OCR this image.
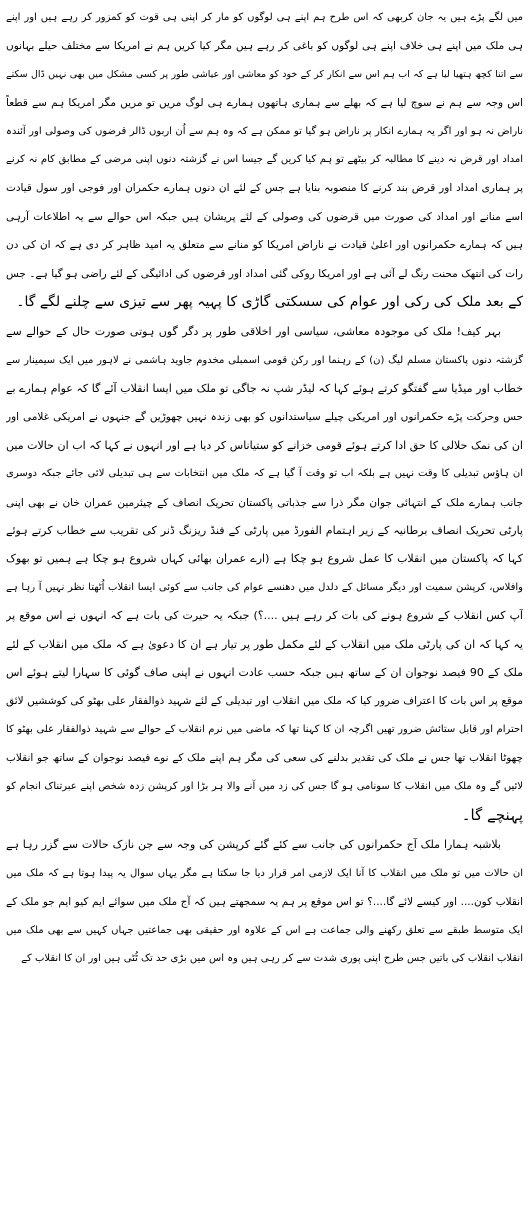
میں لگے پڑے ہیں یہ جان کربھی کہ اس طرح ہم اپنے ہی لوگوں کو مار کر اپنی ہی قوت کو کمزور کر رہے ہیں اور اپنے
ہی ملک میں اپنے ہی خلاف اپنے ہی لوگوں کو باغی کر رہے ہیں مگر کیا کریں ہم نے امریکا سے مختلف حیلے بہانوں
سے اتنا کچھ ہتھیا لیا ہے کہ اب ہم اس سے انکار کر کے خود کو معاشی اور عیاشی طور پر کسی مشکل میں بھی نہیں ڈال سکتے
اس وجہ سے ہم نے سوچ لیا ہے کہ بھلے سے ہماری ہاتھوں ہمارے ہی لوگ مریں تو مریں مگر امریکا ہم سے قطعاً
ناراض نہ ہو اور اگر یہ ہمارے انکار پر ناراض ہو گیا تو ممکن ہے کہ وہ ہم سے اُن اربوں ڈالر قرضوں کی وصولی اور آئندہ
امداد اور قرض نہ دینے کا مطالبہ کر بیٹھے تو ہم کیا کریں گے جیسا اس نے گزشتہ دنوں اپنی مرضی کے مطابق کام نہ کرنے
پر ہماری امداد اور قرض بند کرنے کا منصوبہ بنایا ہے جس کے لئے ان دنوں ہمارے حکمران اور فوجی اور سول قیادت
اسے منانے اور امداد کی صورت میں قرضوں کی وصولی کے لئے پریشان ہیں جبکہ اس حوالے سے یہ اطلاعات آرہی
ہیں کہ ہمارے حکمرانوں اور اعلیٰ قیادت نے ناراض امریکا کو منانے سے متعلق یہ امید ظاہر کر دی ہے کہ ان کی دن
رات کی انتھک محنت رنگ لے آئی ہے اور امریکا روکی گئی امداد اور قرضوں کی ادائیگی کے لئے راضی ہو گیا ہے۔ جس
کے بعد ملک کی رکی اور عوام کی سسکتی گاڑی کا پہیہ پھر سے تیزی سے چلنے لگے گا۔
بہر کیف! ملک کی موجودہ معاشی، سیاسی اور اخلاقی طور پر دگر گوں ہوتی صورت حال کے حوالے سے
گزشتہ دنوں پاکستان مسلم لیگ (ن) کے رہنما اور رکن قومی اسمبلی مخدوم جاوید ہاشمی نے لاہور میں ایک سیمینار سے
خطاب اور میڈیا سے گفتگو کرتے ہوئے کہا کہ لیڈر شپ نہ جاگی تو ملک میں ایسا انقلاب آئے گا کہ عوام ہمارے بے
حس وحرکت پڑے حکمرانوں اور امریکی چیلے سیاستدانوں کو بھی زندہ نہیں چھوڑیں گے جنہوں نے امریکی غلامی اور
ان کی نمک حلالی کا حق ادا کرتے ہوئے قومی خزانے کو ستیاناس کر دیا ہے اور انہوں نے کہا کہ اب ان حالات میں
ان ہاؤس تبدیلی کا وقت نہیں ہے بلکہ اب تو وقت آ گیا ہے کہ ملک میں انتخابات سے ہی تبدیلی لائی جائے جبکہ دوسری
جانب ہمارے ملک کے انتہائی جوان مگر ذرا سے جذباتی پاکستان تحریک انصاف کے چیئرمین عمران خان نے بھی اپنی
پارٹی تحریک انصاف برطانیہ کے زیر اہتمام الفورڈ میں پارٹی کے فنڈ ریزنگ ڈنر کی تقریب سے خطاب کرتے ہوئے
کہا کہ پاکستان میں انقلاب کا عمل شروع ہو چکا ہے (ارے عمران بھائی کہاں شروع ہو چکا ہے ہمیں تو بھوک
وافلاس، کرپشن سمیت اور دیگر مسائل کے دلدل میں دھنسے عوام کی جانب سے کوئی ایسا انقلاب اُٹھتا نظر نہیں آ رہا ہے
آپ کس انقلاب کے شروع ہونے کی بات کر رہے ہیں ....؟) جبکہ یہ حیرت کی بات ہے کہ انہوں نے اس موقع پر
یہ کہا کہ ان کی پارٹی ملک میں انقلاب کے لئے مکمل طور پر تیار ہے ان کا دعویٰ ہے کہ ملک میں انقلاب کے لئے
ملک کے 90 فیصد نوجوان ان کے ساتھ ہیں جبکہ حسب عادت انہوں نے اپنی صاف گوئی کا سہارا لیتے ہوئے اس
موقع پر اس بات کا اعتراف ضرور کیا کہ ملک میں انقلاب اور تبدیلی کے لئے شہید ذوالفقار علی بھٹو کی کوششیں لائق
احترام اور قابل ستائش ضرور تھیں اگرچہ ان کا کہنا تھا کہ ماضی میں نرم انقلاب کے حوالے سے شہید ذوالفقار علی بھٹو کا
چھوٹا انقلاب تھا جس نے ملک کی تقدیر بدلنے کی سعی کی مگر ہم اپنے ملک کے نوے فیصد نوجوان کے ساتھ جو انقلاب
لائیں گے وہ ملک میں انقلاب کا سونامی ہو گا جس کی زد میں آنے والا ہر بڑا اور کرپشن زدہ شخص اپنے عبرتناک انجام کو
پہنچے گا۔
بلاشبہ ہمارا ملک آج حکمرانوں کی جانب سے کئے گئے کرپشن کی وجہ سے جن نازک حالات سے گزر رہا ہے
ان حالات میں تو ملک میں انقلاب کا آنا ایک لازمی امر قرار دیا جا سکتا ہے مگر یہاں سوال یہ پیدا ہوتا ہے کہ ملک میں
انقلاب کون.... اور کیسے لائے گا....؟ تو اس موقع پر ہم یہ سمجھتے ہیں کہ آج ملک میں سوائے ایم کیو ایم جو ملک کے
ایک متوسط طبقے سے تعلق رکھنے والی جماعت ہے اس کے علاوہ اور حقیقی بھی جماعتیں جہاں کہیں سے بھی ملک میں
انقلاب انقلاب کی باتیں جس طرح اپنی پوری شدت سے کر رہی ہیں وہ اس میں بڑی حد تک ٹُٹی ہیں اور ان کا انقلاب کے
